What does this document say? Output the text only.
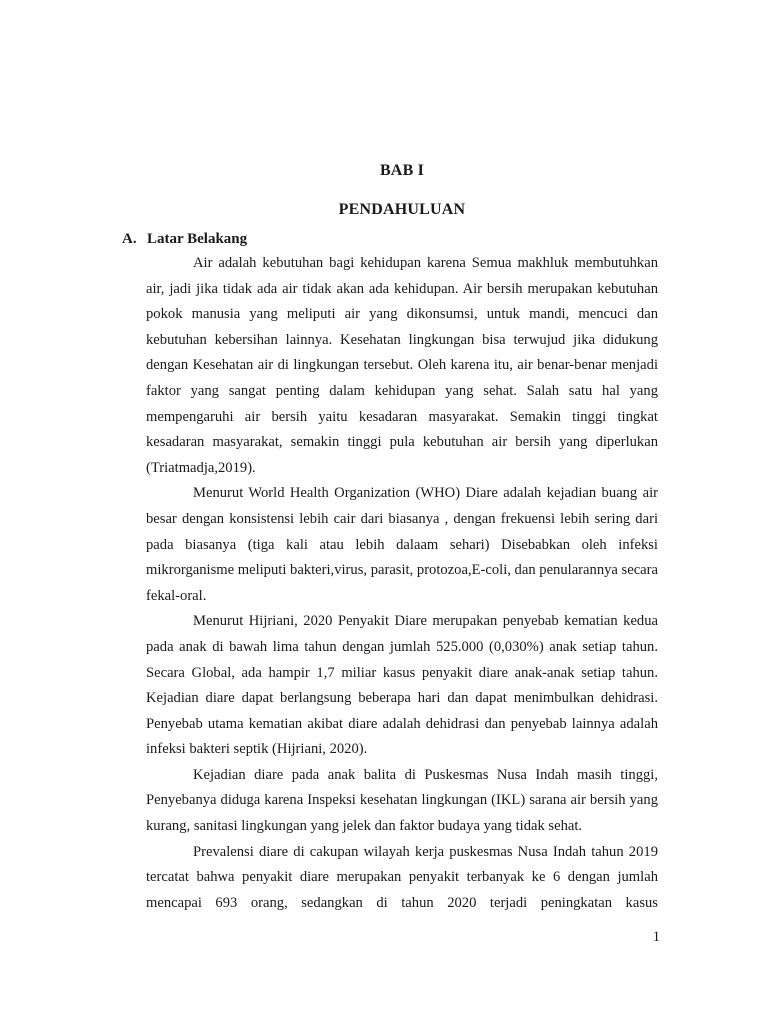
BAB I
PENDAHULUAN
A. Latar Belakang

Air adalah kebutuhan bagi kehidupan karena Semua makhluk membutuhkan air, jadi jika tidak ada air tidak akan ada kehidupan. Air bersih merupakan kebutuhan pokok manusia yang meliputi air yang dikonsumsi, untuk mandi, mencuci dan kebutuhan kebersihan lainnya. Kesehatan lingkungan bisa terwujud jika didukung dengan Kesehatan air di lingkungan tersebut. Oleh karena itu, air benar-benar menjadi faktor yang sangat penting dalam kehidupan yang sehat. Salah satu hal yang mempengaruhi air bersih yaitu kesadaran masyarakat. Semakin tinggi tingkat kesadaran masyarakat, semakin tinggi pula kebutuhan air bersih yang diperlukan (Triatmadja,2019).

Menurut World Health Organization (WHO) Diare adalah kejadian buang air besar dengan konsistensi lebih cair dari biasanya , dengan frekuensi lebih sering dari pada biasanya (tiga kali atau lebih dalaam sehari) Disebabkan oleh infeksi mikrorganisme meliputi bakteri,virus, parasit, protozoa,E-coli, dan penularannya secara fekal-oral.

Menurut Hijriani, 2020 Penyakit Diare merupakan penyebab kematian kedua pada anak di bawah lima tahun dengan jumlah 525.000 (0,030%) anak setiap tahun. Secara Global, ada hampir 1,7 miliar kasus penyakit diare anak-anak setiap tahun. Kejadian diare dapat berlangsung beberapa hari dan dapat menimbulkan dehidrasi. Penyebab utama kematian akibat diare adalah dehidrasi dan penyebab lainnya adalah infeksi bakteri septik (Hijriani, 2020).

Kejadian diare pada anak balita di Puskesmas Nusa Indah masih tinggi, Penyebanya diduga karena Inspeksi kesehatan lingkungan (IKL) sarana air bersih yang kurang, sanitasi lingkungan yang jelek dan faktor budaya yang tidak sehat.

Prevalensi diare di cakupan wilayah kerja puskesmas Nusa Indah tahun 2019 tercatat bahwa penyakit diare merupakan penyakit terbanyak ke 6 dengan jumlah mencapai 693 orang, sedangkan di tahun 2020 terjadi peningkatan kasus

1
